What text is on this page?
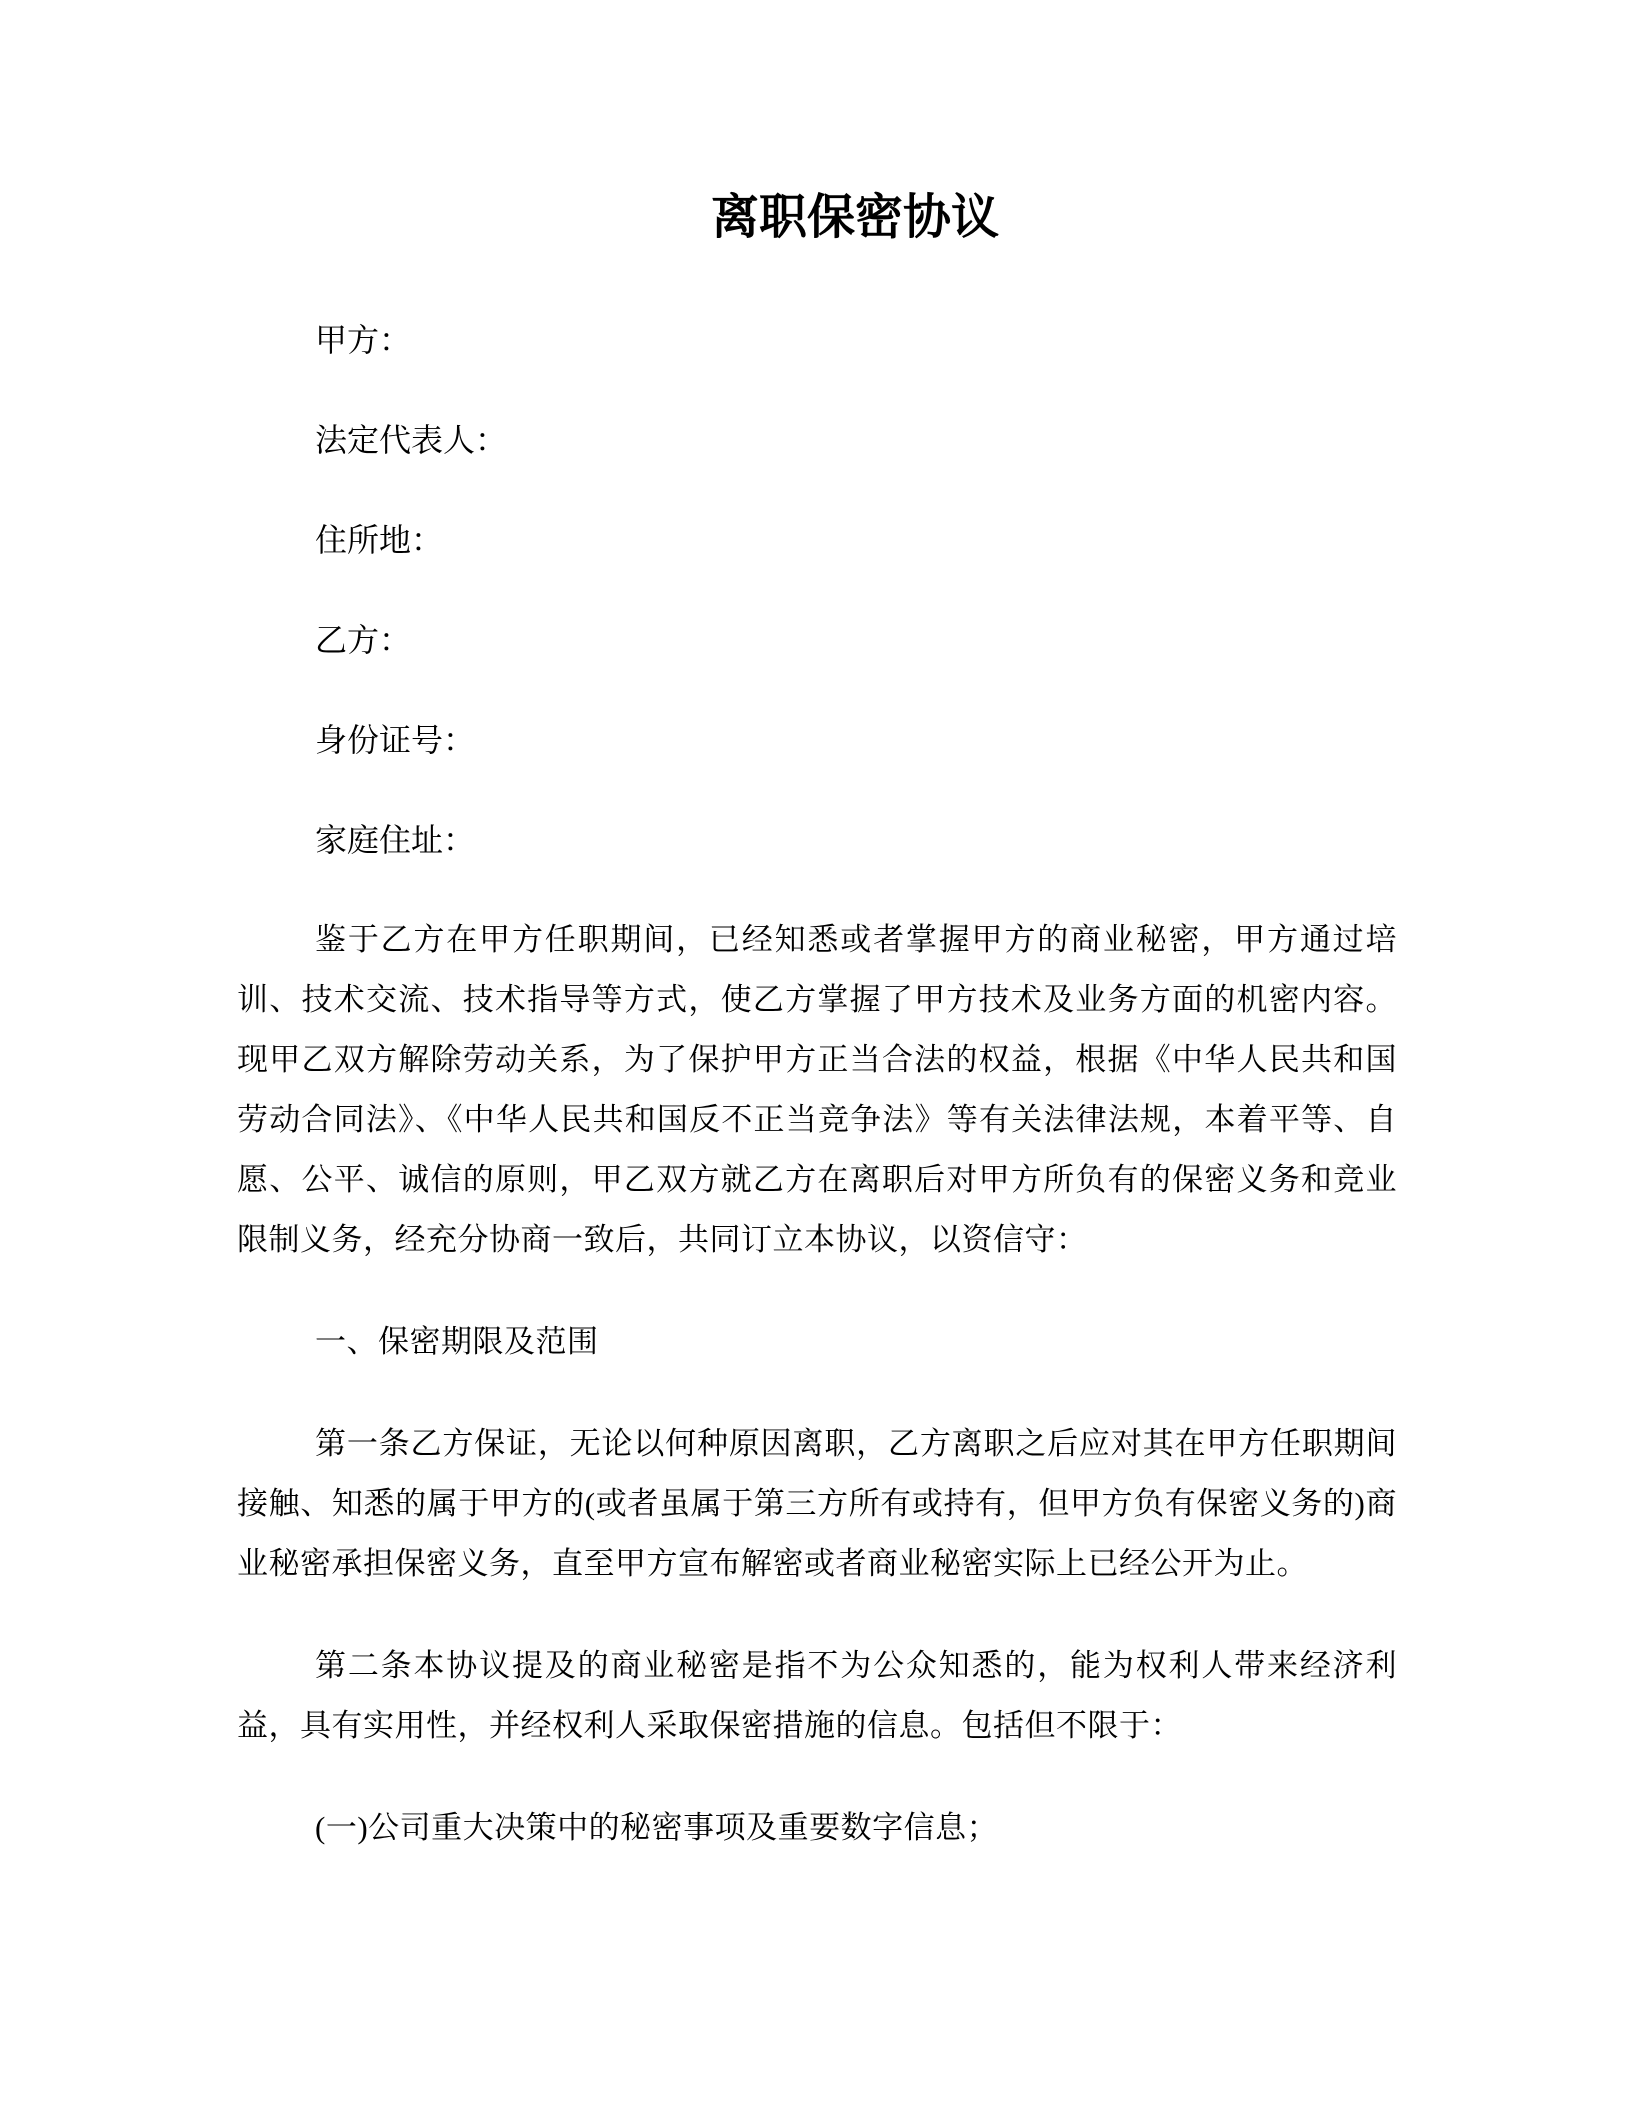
离职保密协议
甲方：
法定代表人：
住所地：
乙方：
身份证号：
家庭住址：

鉴于乙方在甲方任职期间，已经知悉或者掌握甲方的商业秘密，甲方通过培训、技术交流、技术指导等方式，使乙方掌握了甲方技术及业务方面的机密内容。现甲乙双方解除劳动关系，为了保护甲方正当合法的权益，根据《中华人民共和国劳动合同法》、《中华人民共和国反不正当竞争法》等有关法律法规，本着平等、自愿、公平、诚信的原则，甲乙双方就乙方在离职后对甲方所负有的保密义务和竞业限制义务，经充分协商一致后，共同订立本协议，以资信守：

一、保密期限及范围

第一条乙方保证，无论以何种原因离职，乙方离职之后应对其在甲方任职期间接触、知悉的属于甲方的(或者虽属于第三方所有或持有，但甲方负有保密义务的)商业秘密承担保密义务，直至甲方宣布解密或者商业秘密实际上已经公开为止。

第二条本协议提及的商业秘密是指不为公众知悉的，能为权利人带来经济利益，具有实用性，并经权利人采取保密措施的信息。包括但不限于：

(一)公司重大决策中的秘密事项及重要数字信息；
